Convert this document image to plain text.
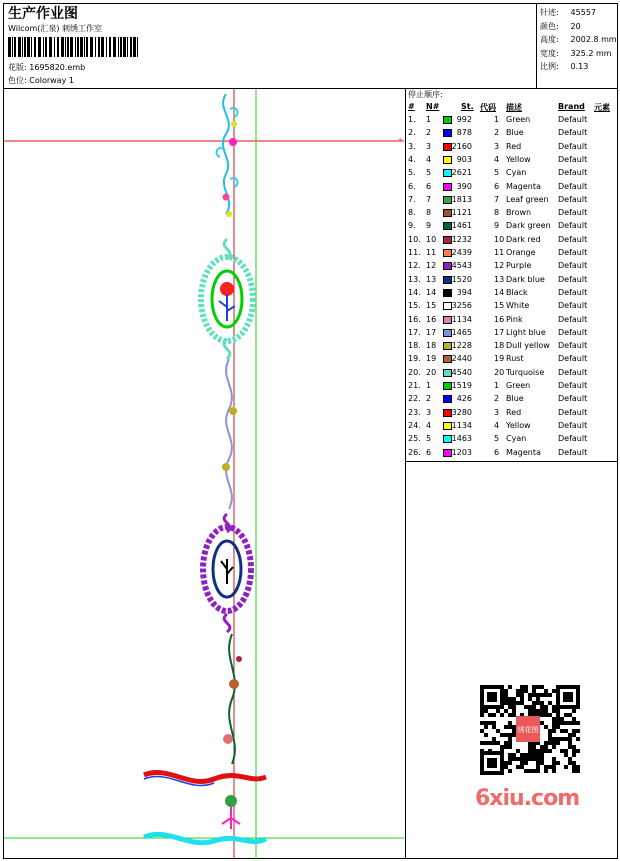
生产作业图
Wilcom(汇泉) 刺绣工作室
花版: 1695820.emb
色位: Colorway 1
针迹: 45557
颜色: 20
高度: 2002.8 mm
宽度: 325.2 mm
比例: 0.13
停止顺序:
# N#	St. 代码 描述	Brand 元素
1. 1	992	1 Green	Default
2. 2	878	2 Blue	Default
3. 3	2160	3 Red	Default
4. 4	903	4 Yellow	Default
5. 5	2621	5 Cyan	Default
6. 6	390	6 Magenta Default
7. 7	1813	7 Leaf green Default
8. 8	1121	8 Brown	Default
9. 9	1461	9 Dark green Default
10. 10 1232	10 Dark red Default
11. 11 2439	11 Orange	Default
12. 12 4543	12 Purple	Default
13. 13 1520	13 Dark blue Default
14. 14	394	14 Black	Default
15. 15 3256	15 White	Default
16. 16 1134	16 Pink	Default
17. 17 1465	17 Light blue Default
18. 18 1228	18 Dull yellow Default
19. 19 2440	19 Rust	Default
20. 20 4540	20 Turquoise Default
21. 1	1519	1 Green	Default
22. 2	426	2 Blue	Default
23. 3	3280	3 Red	Default
24. 4	1134	4 Yellow	Default
25. 5	1463	5 Cyan	Default
26. 6	1203	6 Magenta Default
+
绣花图
6xiu.com
